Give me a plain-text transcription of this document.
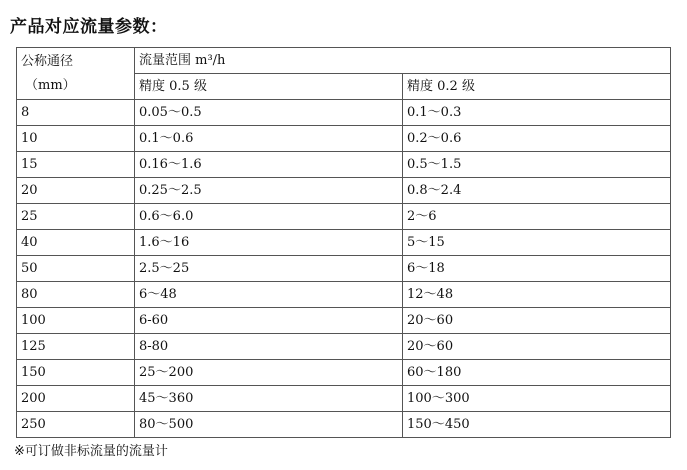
产品对应流量参数：
公称通径
（mm）	流量范围 m³/h	
	精度 0.5 级	精度 0.2 级
8	0.05～0.5	0.1～0.3
10	0.1～0.6	0.2～0.6
15	0.16～1.6	0.5～1.5
20	0.25～2.5	0.8～2.4
25	0.6～6.0	2～6
40	1.6～16	5～15
50	2.5～25	6～18
80	6～48	12～48
100	6-60	20～60
125	8-80	20～60
150	25～200	60～180
200	45～360	100～300
250	80～500	150～450
※可订做非标流量的流量计
